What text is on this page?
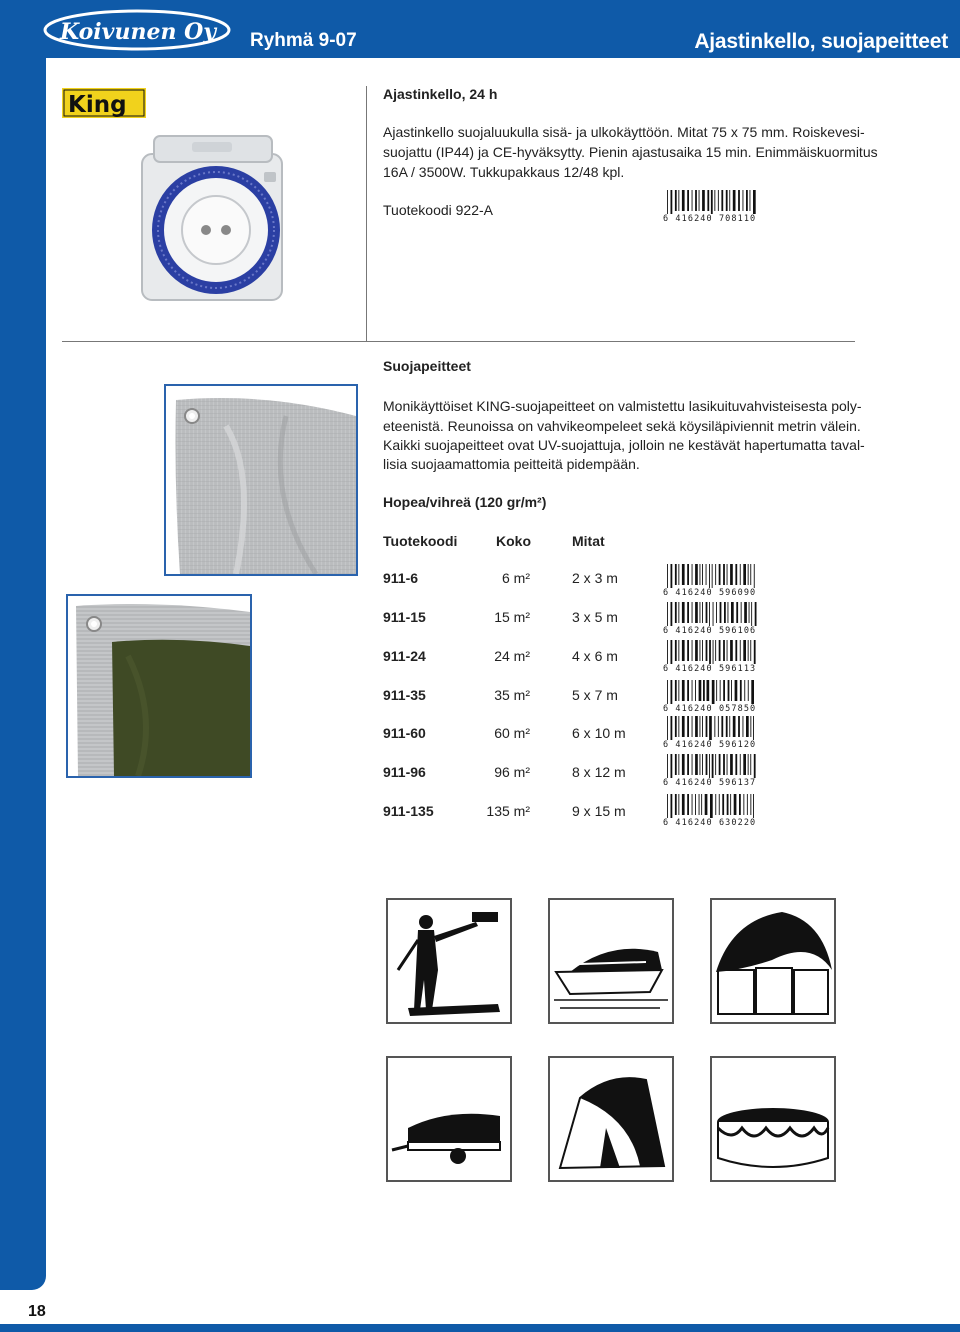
Koivunen Oy Ryhmä 9-07	Ajastinkello, suojapeitteet
King	Ajastinkello, 24 h
Ajastinkello suojaluukulla sisä- ja ulkokäyttöön. Mitat 75 x 75 mm. Roiskevesi-
suojattu (IP44) ja CE-hyväksytty. Pienin ajastusaika 15 min. Enimmäiskuormitus
16A / 3500W. Tukkupakkaus 12/48 kpl.
Tuotekoodi 922-A
6 416240 708110
Suojapeitteet
Monikäyttöiset KING-suojapeitteet on valmistettu lasikuituvahvisteisesta poly-
eteenistä. Reunoissa on vahvikeompeleet sekä köysiläpiviennit metrin välein.
Kaikki suojapeitteet ovat UV-suojattuja, jolloin ne kestävät hapertumatta taval-
lisia suojaamattomia peitteitä pidempään.
Hopea/vihreä (120 gr/m²)
Tuotekoodi	Koko	Mitat
911-6	6 m²	2 x 3 m
6 416240 596090
911-15	15 m²	3 x 5 m
6 416240 596106
911-24	24 m²	4 x 6 m
6 416240 596113
911-35	35 m²	5 x 7 m
6 416240 057850
911-60	60 m²	6 x 10 m
6 416240 596120
911-96	96 m²	8 x 12 m
6 416240 596137
911-135	135 m²	9 x 15 m
6 416240 630220
18
